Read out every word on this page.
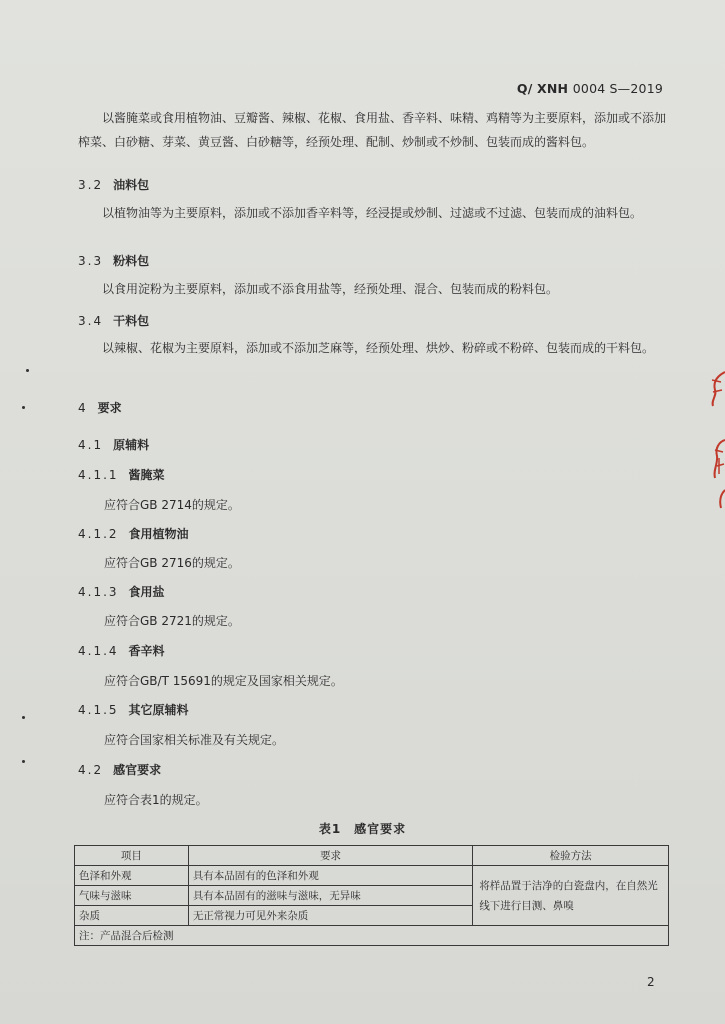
Q/ XNH 0004 S—2019
以酱腌菜或食用植物油、豆瓣酱、辣椒、花椒、食用盐、香辛料、味精、鸡精等为主要原料，添加或不添加榨菜、白砂糖、芽菜、黄豆酱、白砂糖等，经预处理、配制、炒制或不炒制、包装而成的酱料包。
3.2 油料包
以植物油等为主要原料，添加或不添加香辛料等，经浸提或炒制、过滤或不过滤、包装而成的油料包。
3.3 粉料包
以食用淀粉为主要原料，添加或不添食用盐等，经预处理、混合、包装而成的粉料包。
3.4 干料包
以辣椒、花椒为主要原料，添加或不添加芝麻等，经预处理、烘炒、粉碎或不粉碎、包装而成的干料包。
4 要求
4.1 原辅料
4.1.1 酱腌菜
应符合GB 2714的规定。
4.1.2 食用植物油
应符合GB 2716的规定。
4.1.3 食用盐
应符合GB 2721的规定。
4.1.4 香辛料
应符合GB/T 15691的规定及国家相关规定。
4.1.5 其它原辅料
应符合国家相关标准及有关规定。
4.2 感官要求
应符合表1的规定。
表1　感官要求
项目	要求	检验方法
色泽和外观	具有本品固有的色泽和外观	将样品置于洁净的白瓷盘内，在自然光线下进行目测、鼻嗅
气味与滋味	具有本品固有的滋味与滋味，无异味	
杂质	无正常视力可见外来杂质	
注：产品混合后检测		
2
